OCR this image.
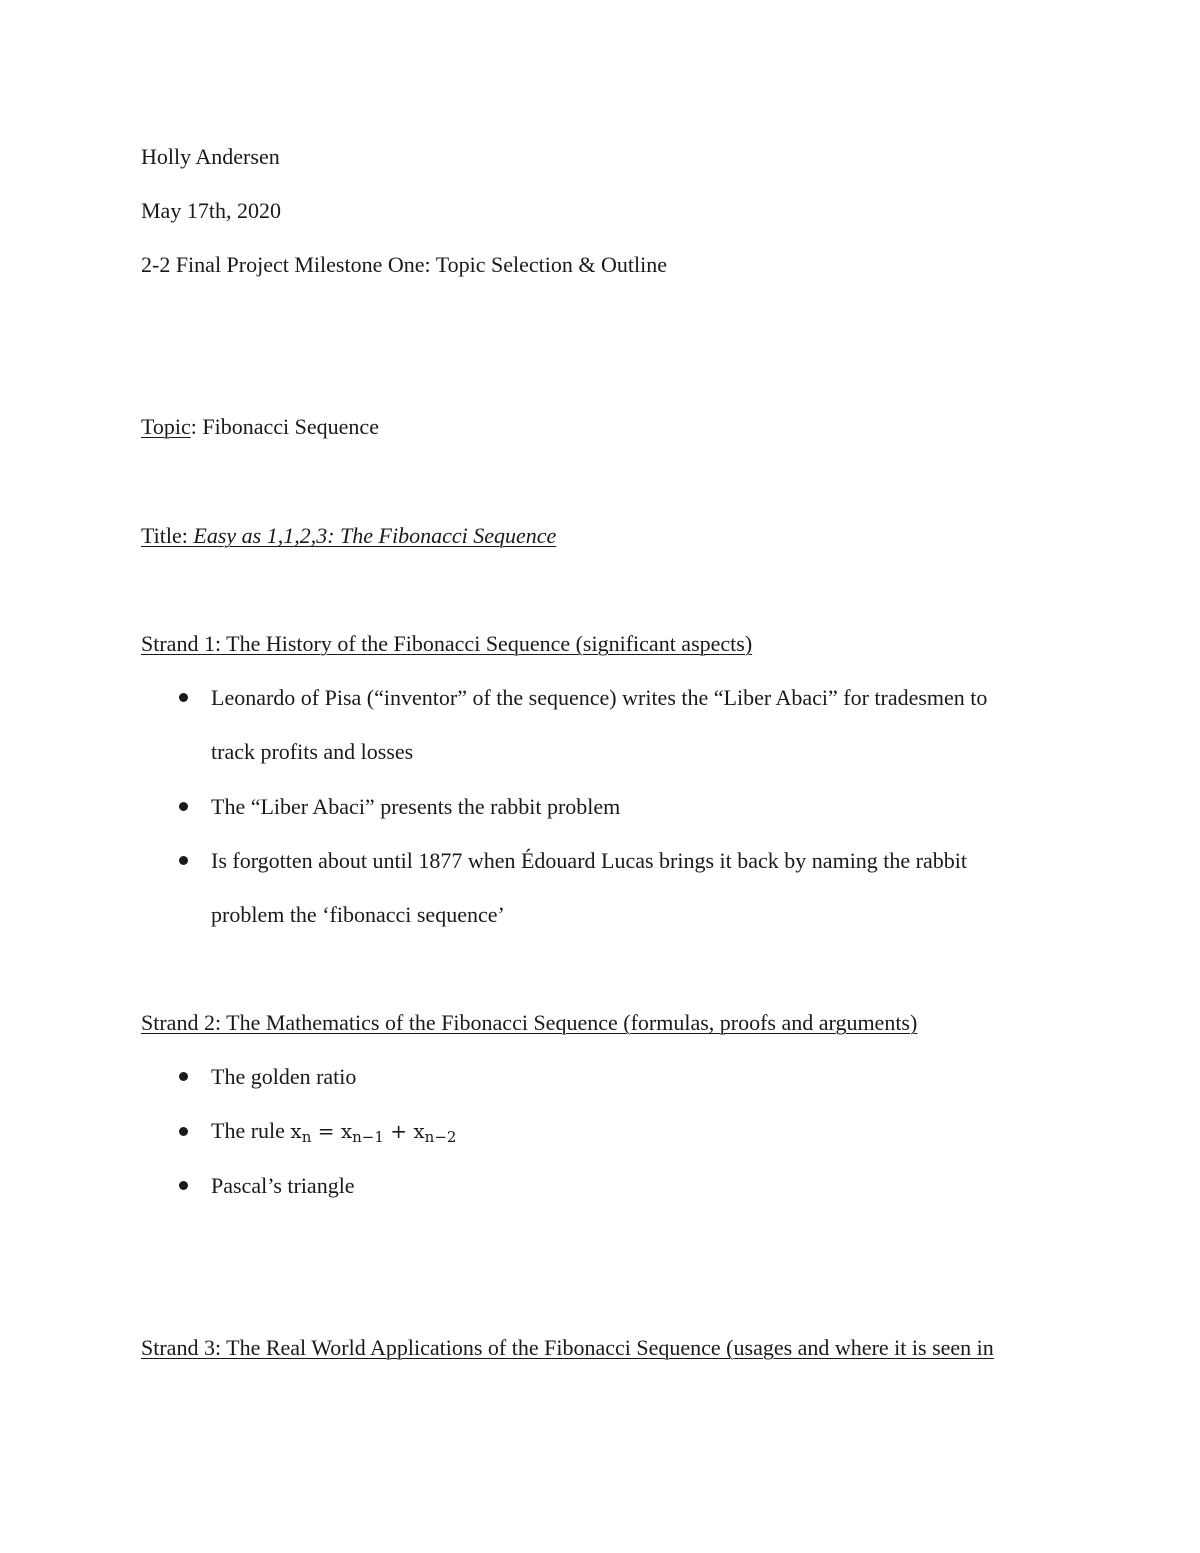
Holly Andersen
May 17th, 2020
2-2 Final Project Milestone One: Topic Selection & Outline
Topic: Fibonacci Sequence
Title: Easy as 1,1,2,3: The Fibonacci Sequence
Strand 1: The History of the Fibonacci Sequence (significant aspects)
Leonardo of Pisa (“inventor” of the sequence) writes the “Liber Abaci” for tradesmen to
track profits and losses
The “Liber Abaci” presents the rabbit problem
Is forgotten about until 1877 when Édouard Lucas brings it back by naming the rabbit
problem the ‘fibonacci sequence’
Strand 2: The Mathematics of the Fibonacci Sequence (formulas, proofs and arguments)
The golden ratio
The rule $x_n = x_{n-1} + x_{n-2}$
Pascal’s triangle
Strand 3: The Real World Applications of the Fibonacci Sequence (usages and where it is seen in
